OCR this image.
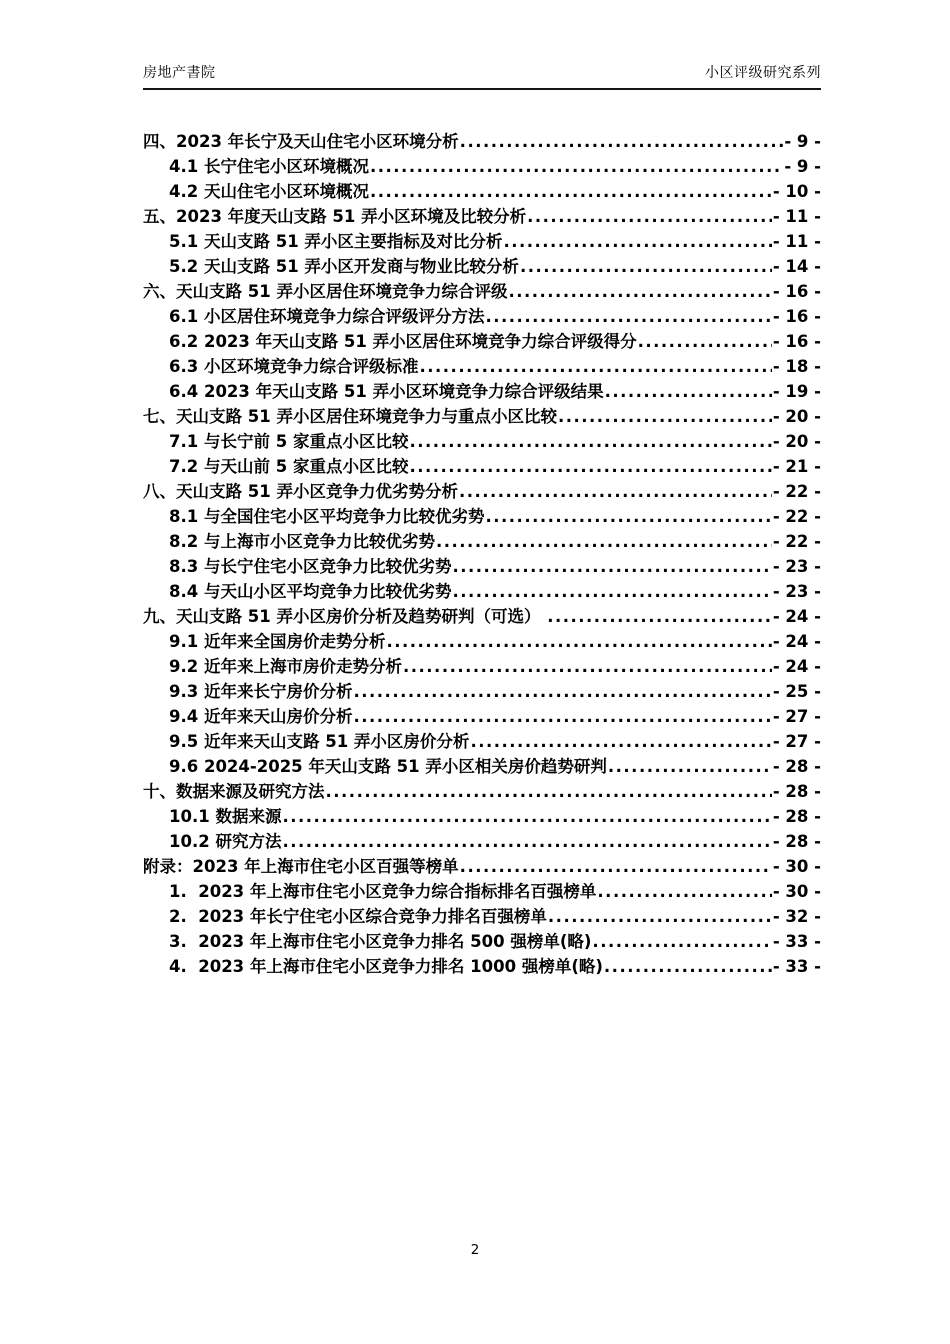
房地产書院	小区评级研究系列
四、2023 年长宁及天山住宅小区环境分析 .....	- 9 -
4.1 长宁住宅小区环境概况 .....	- 9 -
4.2 天山住宅小区环境概况 .....	- 10 -
五、2023 年度天山支路 51 弄小区环境及比较分析 .....	- 11 -
5.1 天山支路 51 弄小区主要指标及对比分析 .....	- 11 -
5.2 天山支路 51 弄小区开发商与物业比较分析 .....	- 14 -
六、天山支路 51 弄小区居住环境竞争力综合评级 .....	- 16 -
6.1 小区居住环境竞争力综合评级评分方法 .....	- 16 -
6.2 2023 年天山支路 51 弄小区居住环境竞争力综合评级得分 .....	- 16 -
6.3 小区环境竞争力综合评级标准 .....	- 18 -
6.4 2023 年天山支路 51 弄小区环境竞争力综合评级结果 .....	- 19 -
七、天山支路 51 弄小区居住环境竞争力与重点小区比较 .....	- 20 -
7.1 与长宁前 5 家重点小区比较 .....	- 20 -
7.2 与天山前 5 家重点小区比较 .....	- 21 -
八、天山支路 51 弄小区竞争力优劣势分析 .....	- 22 -
8.1 与全国住宅小区平均竞争力比较优劣势 .....	- 22 -
8.2 与上海市小区竞争力比较优劣势 .....	- 22 -
8.3 与长宁住宅小区竞争力比较优劣势 .....	- 23 -
8.4 与天山小区平均竞争力比较优劣势 .....	- 23 -
九、天山支路 51 弄小区房价分析及趋势研判（可选） .....	- 24 -
9.1 近年来全国房价走势分析 .....	- 24 -
9.2 近年来上海市房价走势分析 .....	- 24 -
9.3 近年来长宁房价分析 .....	- 25 -
9.4 近年来天山房价分析 .....	- 27 -
9.5 近年来天山支路 51 弄小区房价分析 .....	- 27 -
9.6 2024-2025 年天山支路 51 弄小区相关房价趋势研判 .....	- 28 -
十、数据来源及研究方法 .....	- 28 -
10.1 数据来源 .....	- 28 -
10.2 研究方法 .....	- 28 -
附录：2023 年上海市住宅小区百强等榜单 .....	- 30 -
1.  2023 年上海市住宅小区竞争力综合指标排名百强榜单 .....	- 30 -
2.  2023 年长宁住宅小区综合竞争力排名百强榜单 .....	- 32 -
3.  2023 年上海市住宅小区竞争力排名 500 强榜单(略) .....	- 33 -
4.  2023 年上海市住宅小区竞争力排名 1000 强榜单(略) .....	- 33 -
2
